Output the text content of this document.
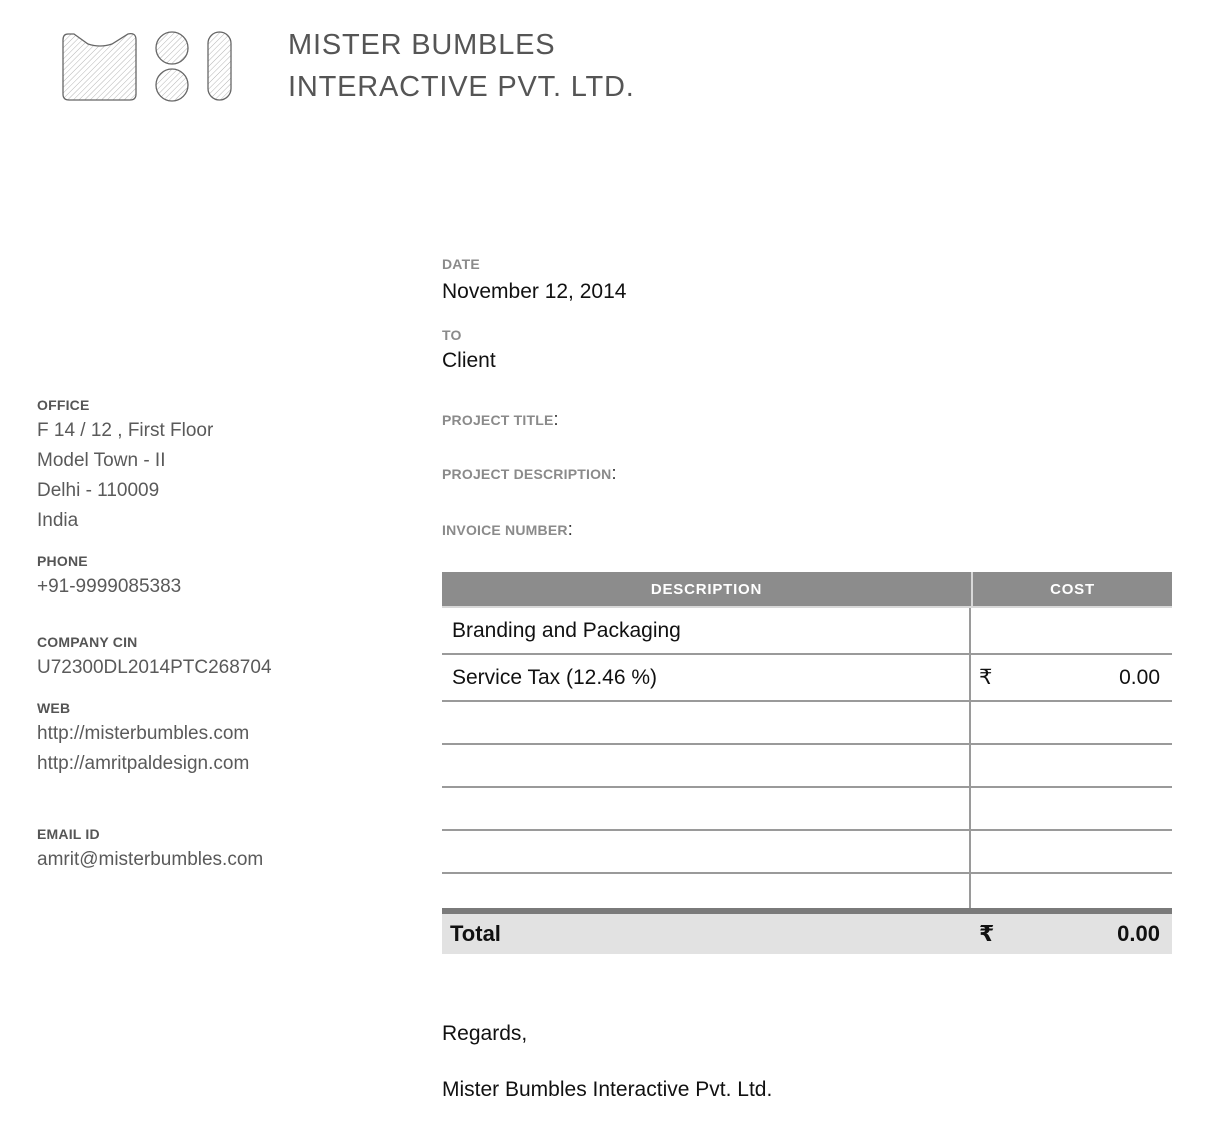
MISTER BUMBLES
INTERACTIVE PVT. LTD.
OFFICE
F 14 / 12 , First Floor
Model Town - II
Delhi - 110009
India
PHONE
+91-9999085383
COMPANY CIN
U72300DL2014PTC268704
WEB
http://misterbumbles.com
http://amritpaldesign.com
EMAIL ID
amrit@misterbumbles.com
DATE
November 12, 2014
TO
Client
PROJECT TITLE:
PROJECT DESCRIPTION:
INVOICE NUMBER:
DESCRIPTION	COST
Branding and Packaging
Service Tax (12.46 %)	₹	0.00
Total	₹	0.00
Regards,
Mister Bumbles Interactive Pvt. Ltd.
